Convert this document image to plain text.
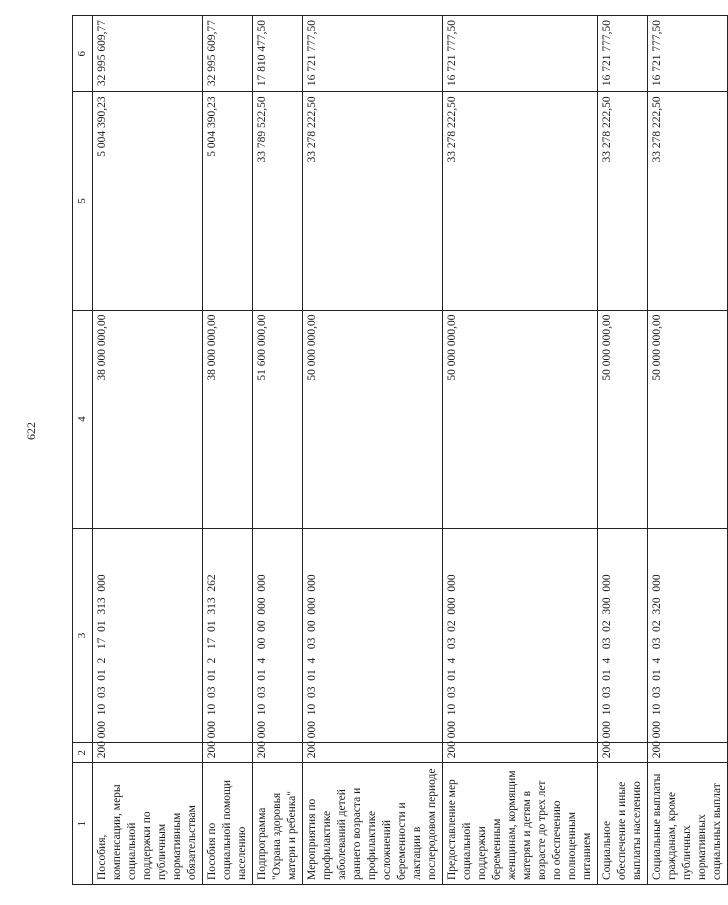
622
1	2	3	4	5	6
Пособия, компенсации, меры социальной поддержки по публичным нормативным обязательствам	200	000  10  03  01  2   17  01  313  000	38 000 000,00	5 004 390,23	32 995 609,77
Пособия по социальной помощи населению	200	000  10  03  01  2   17  01  313  262	38 000 000,00	5 004 390,23	32 995 609,77
Подпрограмма "Охрана здоровья матери и ребенка"	200	000  10  03  01  4   00  00  000  000	51 600 000,00	33 789 522,50	17 810 477,50
Мероприятия по профилактике заболеваний детей раннего возраста и профилактике осложнений беременности и лактации в послеродовом периоде	200	000  10  03  01  4   03  00  000  000	50 000 000,00	33 278 222,50	16 721 777,50
Предоставление мер социальной поддержки беременным женщинам, кормящим матерям и детям в возрасте до трех лет по обеспечению полноценным питанием	200	000  10  03  01  4   03  02  000  000	50 000 000,00	33 278 222,50	16 721 777,50
Социальное обеспечение и иные выплаты населению	200	000  10  03  01  4   03  02  300  000	50 000 000,00	33 278 222,50	16 721 777,50
Социальные выплаты гражданам, кроме публичных нормативных социальных выплат	200	000  10  03  01  4   03  02  320  000	50 000 000,00	33 278 222,50	16 721 777,50
